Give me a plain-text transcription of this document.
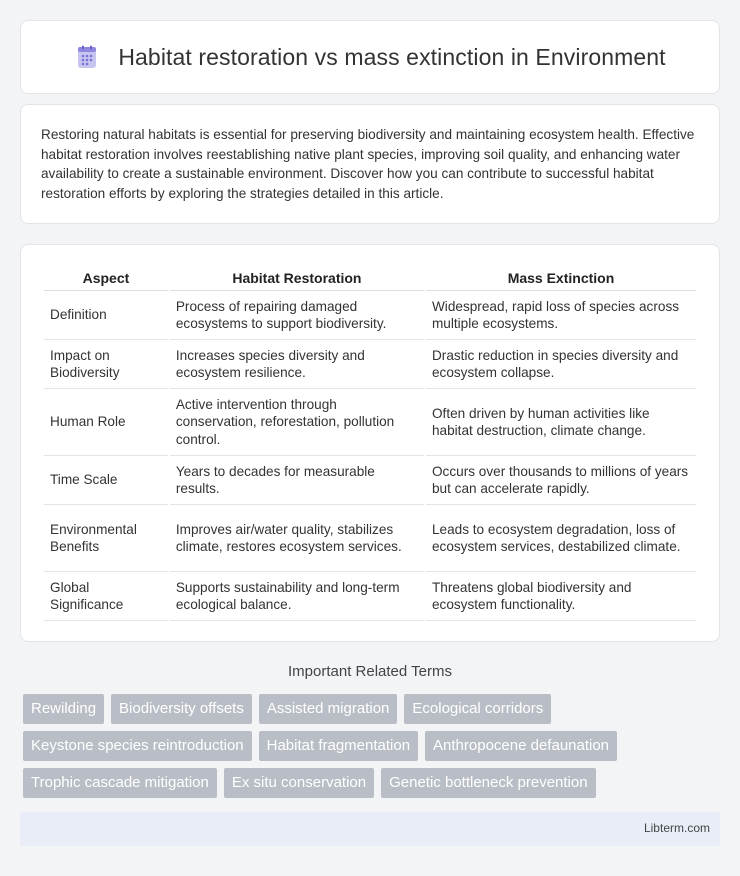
Habitat restoration vs mass extinction in Environment

Restoring natural habitats is essential for preserving biodiversity and maintaining ecosystem health. Effective habitat restoration involves reestablishing native plant species, improving soil quality, and enhancing water availability to create a sustainable environment. Discover how you can contribute to successful habitat restoration efforts by exploring the strategies detailed in this article.

Aspect	Habitat Restoration	Mass Extinction
Definition	Process of repairing damaged ecosystems to support biodiversity.	Widespread, rapid loss of species across multiple ecosystems.
Impact on Biodiversity	Increases species diversity and ecosystem resilience.	Drastic reduction in species diversity and ecosystem collapse.
Human Role	Active intervention through conservation, reforestation, pollution control.	Often driven by human activities like habitat destruction, climate change.
Time Scale	Years to decades for measurable results.	Occurs over thousands to millions of years but can accelerate rapidly.
Environmental Benefits	Improves air/water quality, stabilizes climate, restores ecosystem services.	Leads to ecosystem degradation, loss of ecosystem services, destabilized climate.
Global Significance	Supports sustainability and long-term ecological balance.	Threatens global biodiversity and ecosystem functionality.
Important Related Terms
Rewilding	Biodiversity offsets	Assisted migration	Ecological corridors
Keystone species reintroduction	Habitat fragmentation	Anthropocene defaunation
Trophic cascade mitigation	Ex situ conservation	Genetic bottleneck prevention
Libterm.com
